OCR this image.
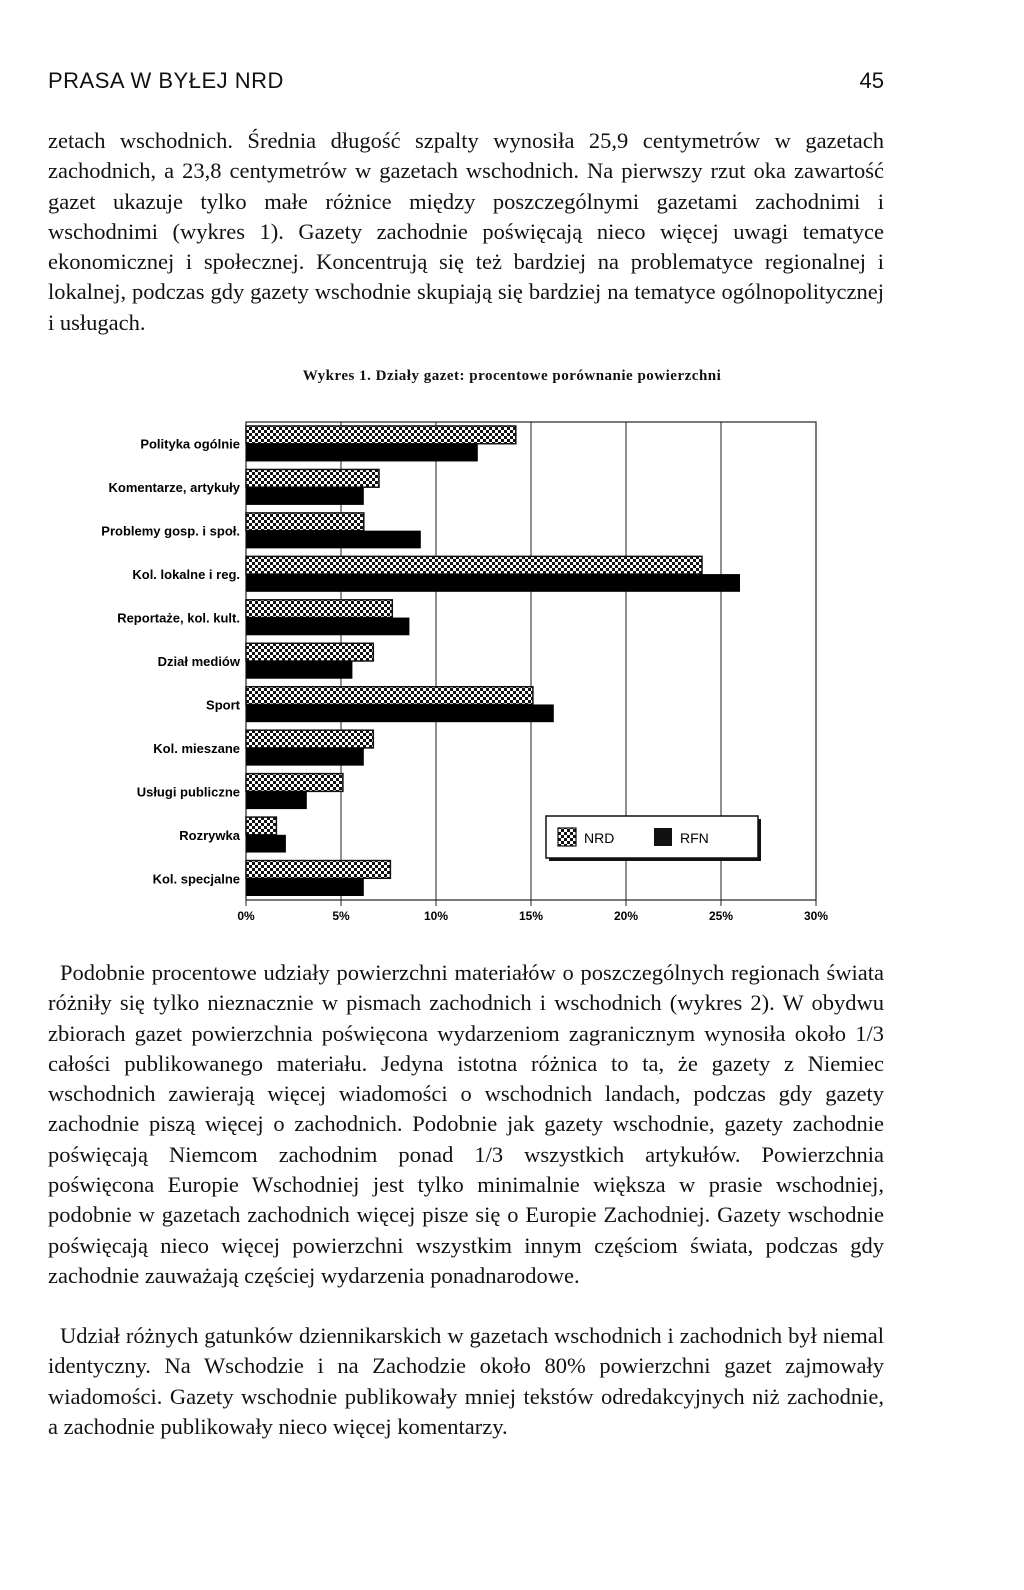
PRASA W BYŁEJ NRD	45

zetach wschodnich. Średnia długość szpalty wynosiła 25,9 centymetrów w gazetach zachodnich, a 23,8 centymetrów w gazetach wschodnich. Na pierwszy rzut oka zawartość gazet ukazuje tylko małe różnice między poszczególnymi gazetami zachodnimi i wschodnimi (wykres 1). Gazety zachodnie poświęcają nieco więcej uwagi tematyce ekonomicznej i społecznej. Koncentrują się też bardziej na problematyce regionalnej i lokalnej, podczas gdy gazety wschodnie skupiają się bardziej na tematyce ogólnopolitycznej i usługach.

Wykres 1. Działy gazet: procentowe porównanie powierzchni
Polityka ogólnie
Komentarze, artykuły
Problemy gosp. i społ.
Kol. lokalne i reg.
Reportaże, kol. kult.
Dział mediów
Sport
Kol. mieszane
Usługi publiczne
Rozrywka
Kol. specjalne
0%	5%	10%	15%	20%	25%	30%
NRD	RFN

Podobnie procentowe udziały powierzchni materiałów o poszczególnych regionach świata różniły się tylko nieznacznie w pismach zachodnich i wschodnich (wykres 2). W obydwu zbiorach gazet powierzchnia poświęcona wydarzeniom zagranicznym wynosiła około 1/3 całości publikowanego materiału. Jedyna istotna różnica to ta, że gazety z Niemiec wschodnich zawierają więcej wiadomości o wschodnich landach, podczas gdy gazety zachodnie piszą więcej o zachodnich. Podobnie jak gazety wschodnie, gazety zachodnie poświęcają Niemcom zachodnim ponad 1/3 wszystkich artykułów. Powierzchnia poświęcona Europie Wschodniej jest tylko minimalnie większa w prasie wschodniej, podobnie w gazetach zachodnich więcej pisze się o Europie Zachodniej. Gazety wschodnie poświęcają nieco więcej powierzchni wszystkim innym częściom świata, podczas gdy zachodnie zauważają częściej wydarzenia ponadnarodowe.

Udział różnych gatunków dziennikarskich w gazetach wschodnich i zachodnich był niemal identyczny. Na Wschodzie i na Zachodzie około 80% powierzchni gazet zajmowały wiadomości. Gazety wschodnie publikowały mniej tekstów odredakcyjnych niż zachodnie, a zachodnie publikowały nieco więcej komentarzy.
